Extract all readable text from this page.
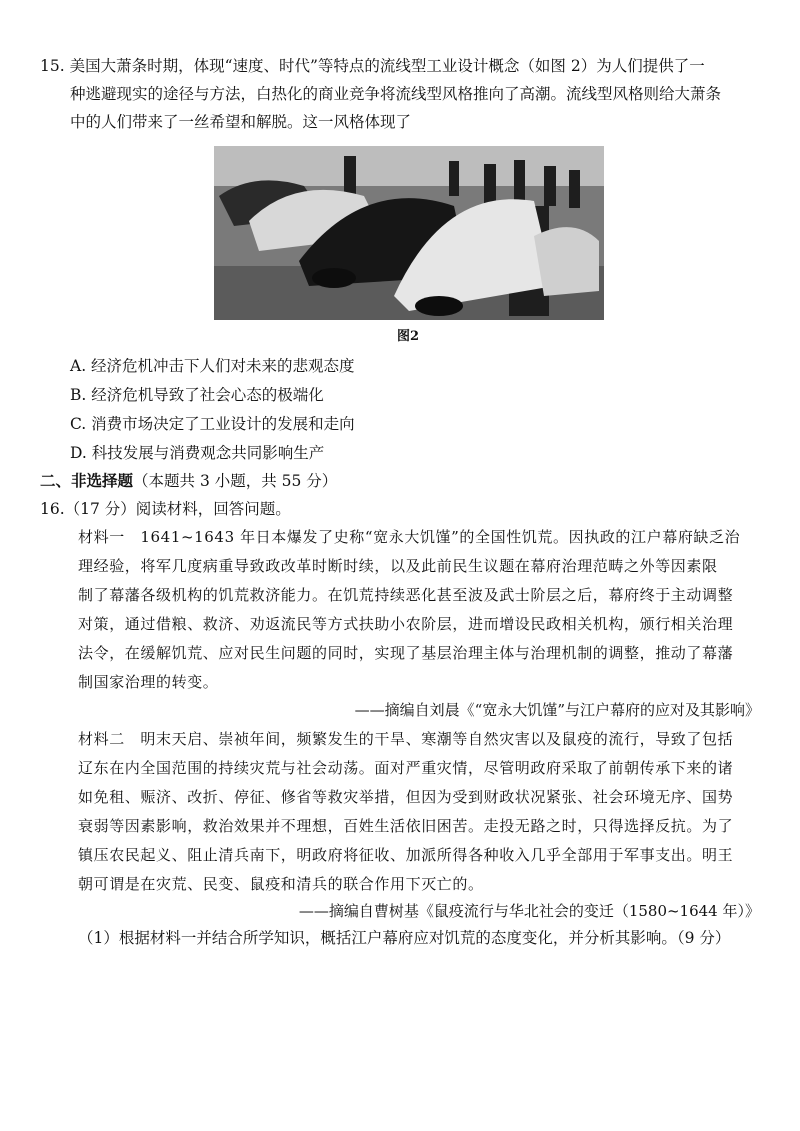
15. 美国大萧条时期，体现“速度、时代”等特点的流线型工业设计概念（如图 2）为人们提供了一
种逃避现实的途径与方法，白热化的商业竞争将流线型风格推向了高潮。流线型风格则给大萧条
中的人们带来了一丝希望和解脱。这一风格体现了
图2
A. 经济危机冲击下人们对未来的悲观态度
B. 经济危机导致了社会心态的极端化
C. 消费市场决定了工业设计的发展和走向
D. 科技发展与消费观念共同影响生产
二、非选择题（本题共 3 小题，共 55 分）
16.（17 分）阅读材料，回答问题。
材料一　1641~1643 年日本爆发了史称“宽永大饥馑”的全国性饥荒。因执政的江户幕府缺乏治
理经验，将军几度病重导致政改革时断时续，以及此前民生议题在幕府治理范畴之外等因素限
制了幕藩各级机构的饥荒救济能力。在饥荒持续恶化甚至波及武士阶层之后，幕府终于主动调整
对策，通过借粮、救济、劝返流民等方式扶助小农阶层，进而增设民政相关机构，颁行相关治理
法令，在缓解饥荒、应对民生问题的同时，实现了基层治理主体与治理机制的调整，推动了幕藩
制国家治理的转变。
——摘编自刘晨《“宽永大饥馑”与江户幕府的应对及其影响》
材料二　明末天启、崇祯年间，频繁发生的干旱、寒潮等自然灾害以及鼠疫的流行，导致了包括
辽东在内全国范围的持续灾荒与社会动荡。面对严重灾情，尽管明政府采取了前朝传承下来的诸
如免租、赈济、改折、停征、修省等救灾举措，但因为受到财政状况紧张、社会环境无序、国势
衰弱等因素影响，救治效果并不理想，百姓生活依旧困苦。走投无路之时，只得选择反抗。为了
镇压农民起义、阻止清兵南下，明政府将征收、加派所得各种收入几乎全部用于军事支出。明王
朝可谓是在灾荒、民变、鼠疫和清兵的联合作用下灭亡的。
——摘编自曹树基《鼠疫流行与华北社会的变迁（1580~1644 年）》
（1）根据材料一并结合所学知识，概括江户幕府应对饥荒的态度变化，并分析其影响。（9 分）
